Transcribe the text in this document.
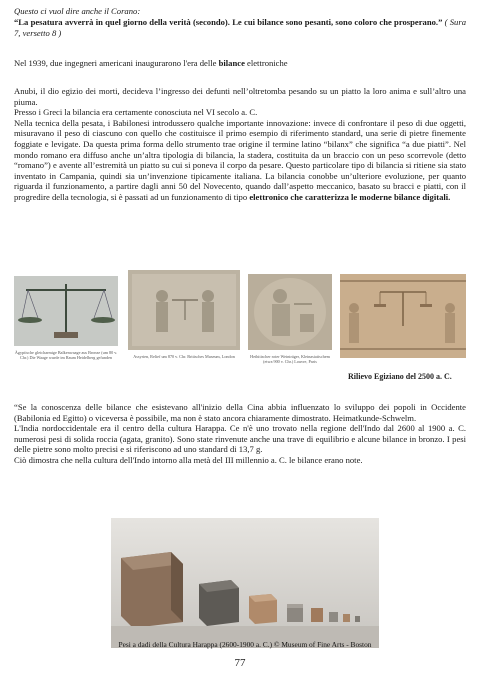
Questo ci vuol dire anche il Corano:
“La pesatura avverrà in quel giorno della verità (secondo). Le cui bilance sono pesanti, sono coloro che prosperano.” ( Sura 7, versetto 8 )
Nel 1939, due ingegneri americani inaugurarono l'era delle bilance elettroniche

Anubi, il dio egizio dei morti, decideva l’ingresso dei defunti nell’oltretomba pesando su un piatto la loro anima e sull’altro una piuma.

Presso i Greci la bilancia era certamente conosciuta nel VI secolo a. C.

Nella tecnica della pesata, i Babilonesi introdussero qualche importante innovazione: invece di confrontare il peso di due oggetti, misuravano il peso di ciascuno con quello che costituisce il primo esempio di riferimento standard, una serie di pietre finemente foggiate e levigate. Da questa prima forma dello strumento trae origine il termine latino “bilanx” che significa “a due piatti”. Nel mondo romano era diffuso anche un’altra tipologia di bilancia, la stadera, costituita da un braccio con un peso scorrevole (detto “romano”) e avente all’estremità un piatto su cui si poneva il corpo da pesare. Questo particolare tipo di bilancia si ritiene sia stato inventato in Campania, quindi sia un’invenzione tipicamente italiana. La bilancia conobbe un’ulteriore evoluzione, per quanto riguarda il funzionamento, a partire dagli anni 50 del Novecento, quando dall’aspetto meccanico, basato su bracci e piatti, con il progredire della tecnologia, si è passati ad un funzionamento di tipo elettronico che caratterizza le moderne bilance digitali.

Ägyptische gleicharmige Balkenwaage aus Bronze (um 80 v. Chr.) Die Waage wurde im Raum Heidelberg gefunden	Assyrien, Relief um 870 v. Chr. Britisches Museum, London	Hethitischer roter Weinträger, Kleinasiatischem (etwa 900 v. Chr.) Louvre, Paris
Rilievo Egiziano del 2500 a. C.

“Se la conoscenza delle bilance che esistevano all'inizio della Cina abbia influenzato lo sviluppo dei popoli in Occidente (Babilonia ed Egitto) o viceversa è possibile, ma non è stato ancora chiaramente dimostrato. Heimatkunde-Schwelm.

L'India nordoccidentale era il centro della cultura Harappa. Ce n'è uno trovato nella regione dell'Indo dal 2600 al 1900 a. C. numerosi pesi di solida roccia (agata, granito). Sono state rinvenute anche una trave di equilibrio e alcune bilance in bronzo. I pesi delle pietre sono molto precisi e si riferiscono ad uno standard di 13,7 g.

Ciò dimostra che nella cultura dell'Indo intorno alla metà del III millennio a. C. le bilance erano note.

Pesi a dadi della Cultura Harappa (2600-1900 a. C.) © Museum of Fine Arts - Boston
77
